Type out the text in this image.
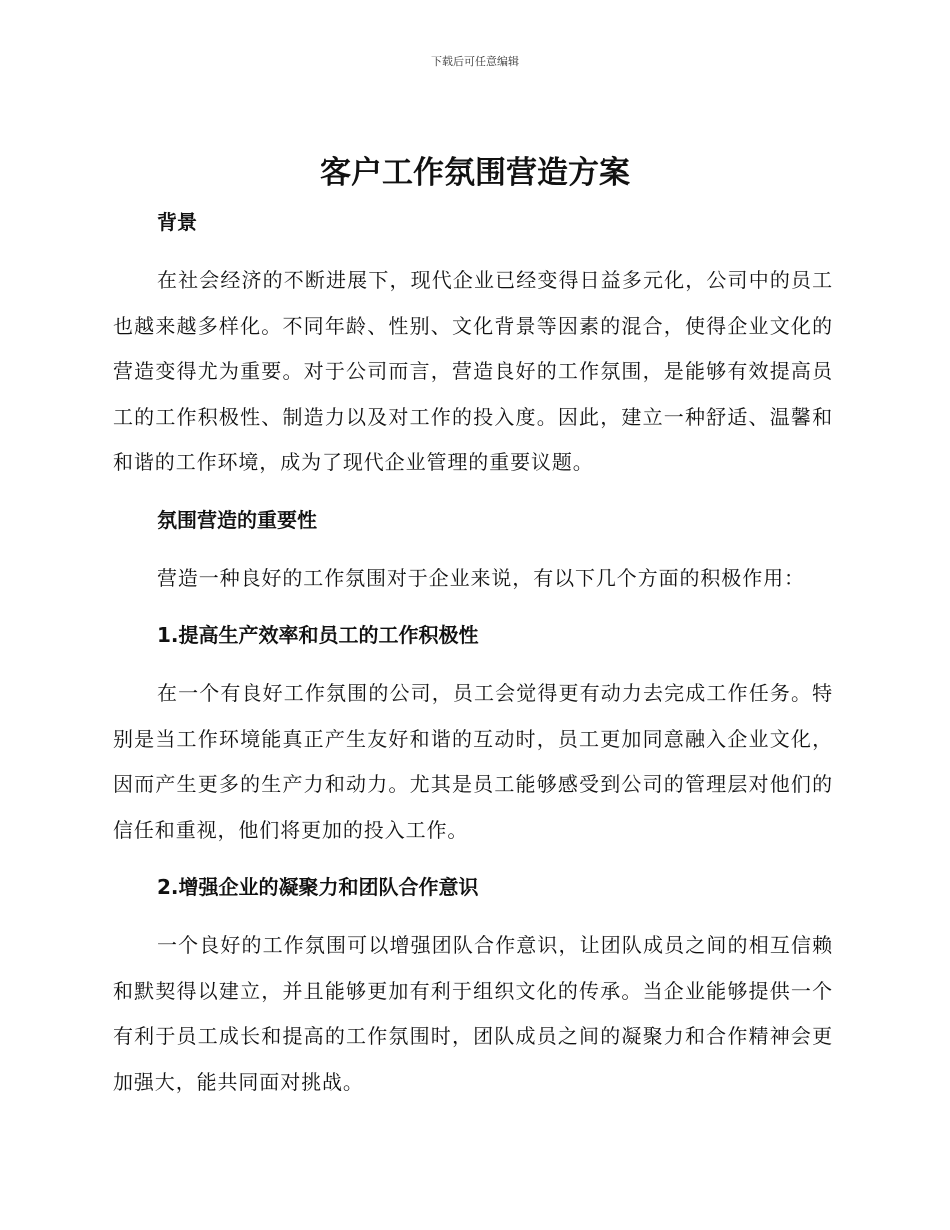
下载后可任意编辑
客户工作氛围营造方案
背景

在社会经济的不断进展下，现代企业已经变得日益多元化，公司中的员工也越来越多样化。不同年龄、性别、文化背景等因素的混合，使得企业文化的营造变得尤为重要。对于公司而言，营造良好的工作氛围，是能够有效提高员工的工作积极性、制造力以及对工作的投入度。因此，建立一种舒适、温馨和和谐的工作环境，成为了现代企业管理的重要议题。

氛围营造的重要性

营造一种良好的工作氛围对于企业来说，有以下几个方面的积极作用：

1.提高生产效率和员工的工作积极性

在一个有良好工作氛围的公司，员工会觉得更有动力去完成工作任务。特别是当工作环境能真正产生友好和谐的互动时，员工更加同意融入企业文化，因而产生更多的生产力和动力。尤其是员工能够感受到公司的管理层对他们的信任和重视，他们将更加的投入工作。

2.增强企业的凝聚力和团队合作意识

一个良好的工作氛围可以增强团队合作意识，让团队成员之间的相互信赖和默契得以建立，并且能够更加有利于组织文化的传承。当企业能够提供一个有利于员工成长和提高的工作氛围时，团队成员之间的凝聚力和合作精神会更加强大，能共同面对挑战。
